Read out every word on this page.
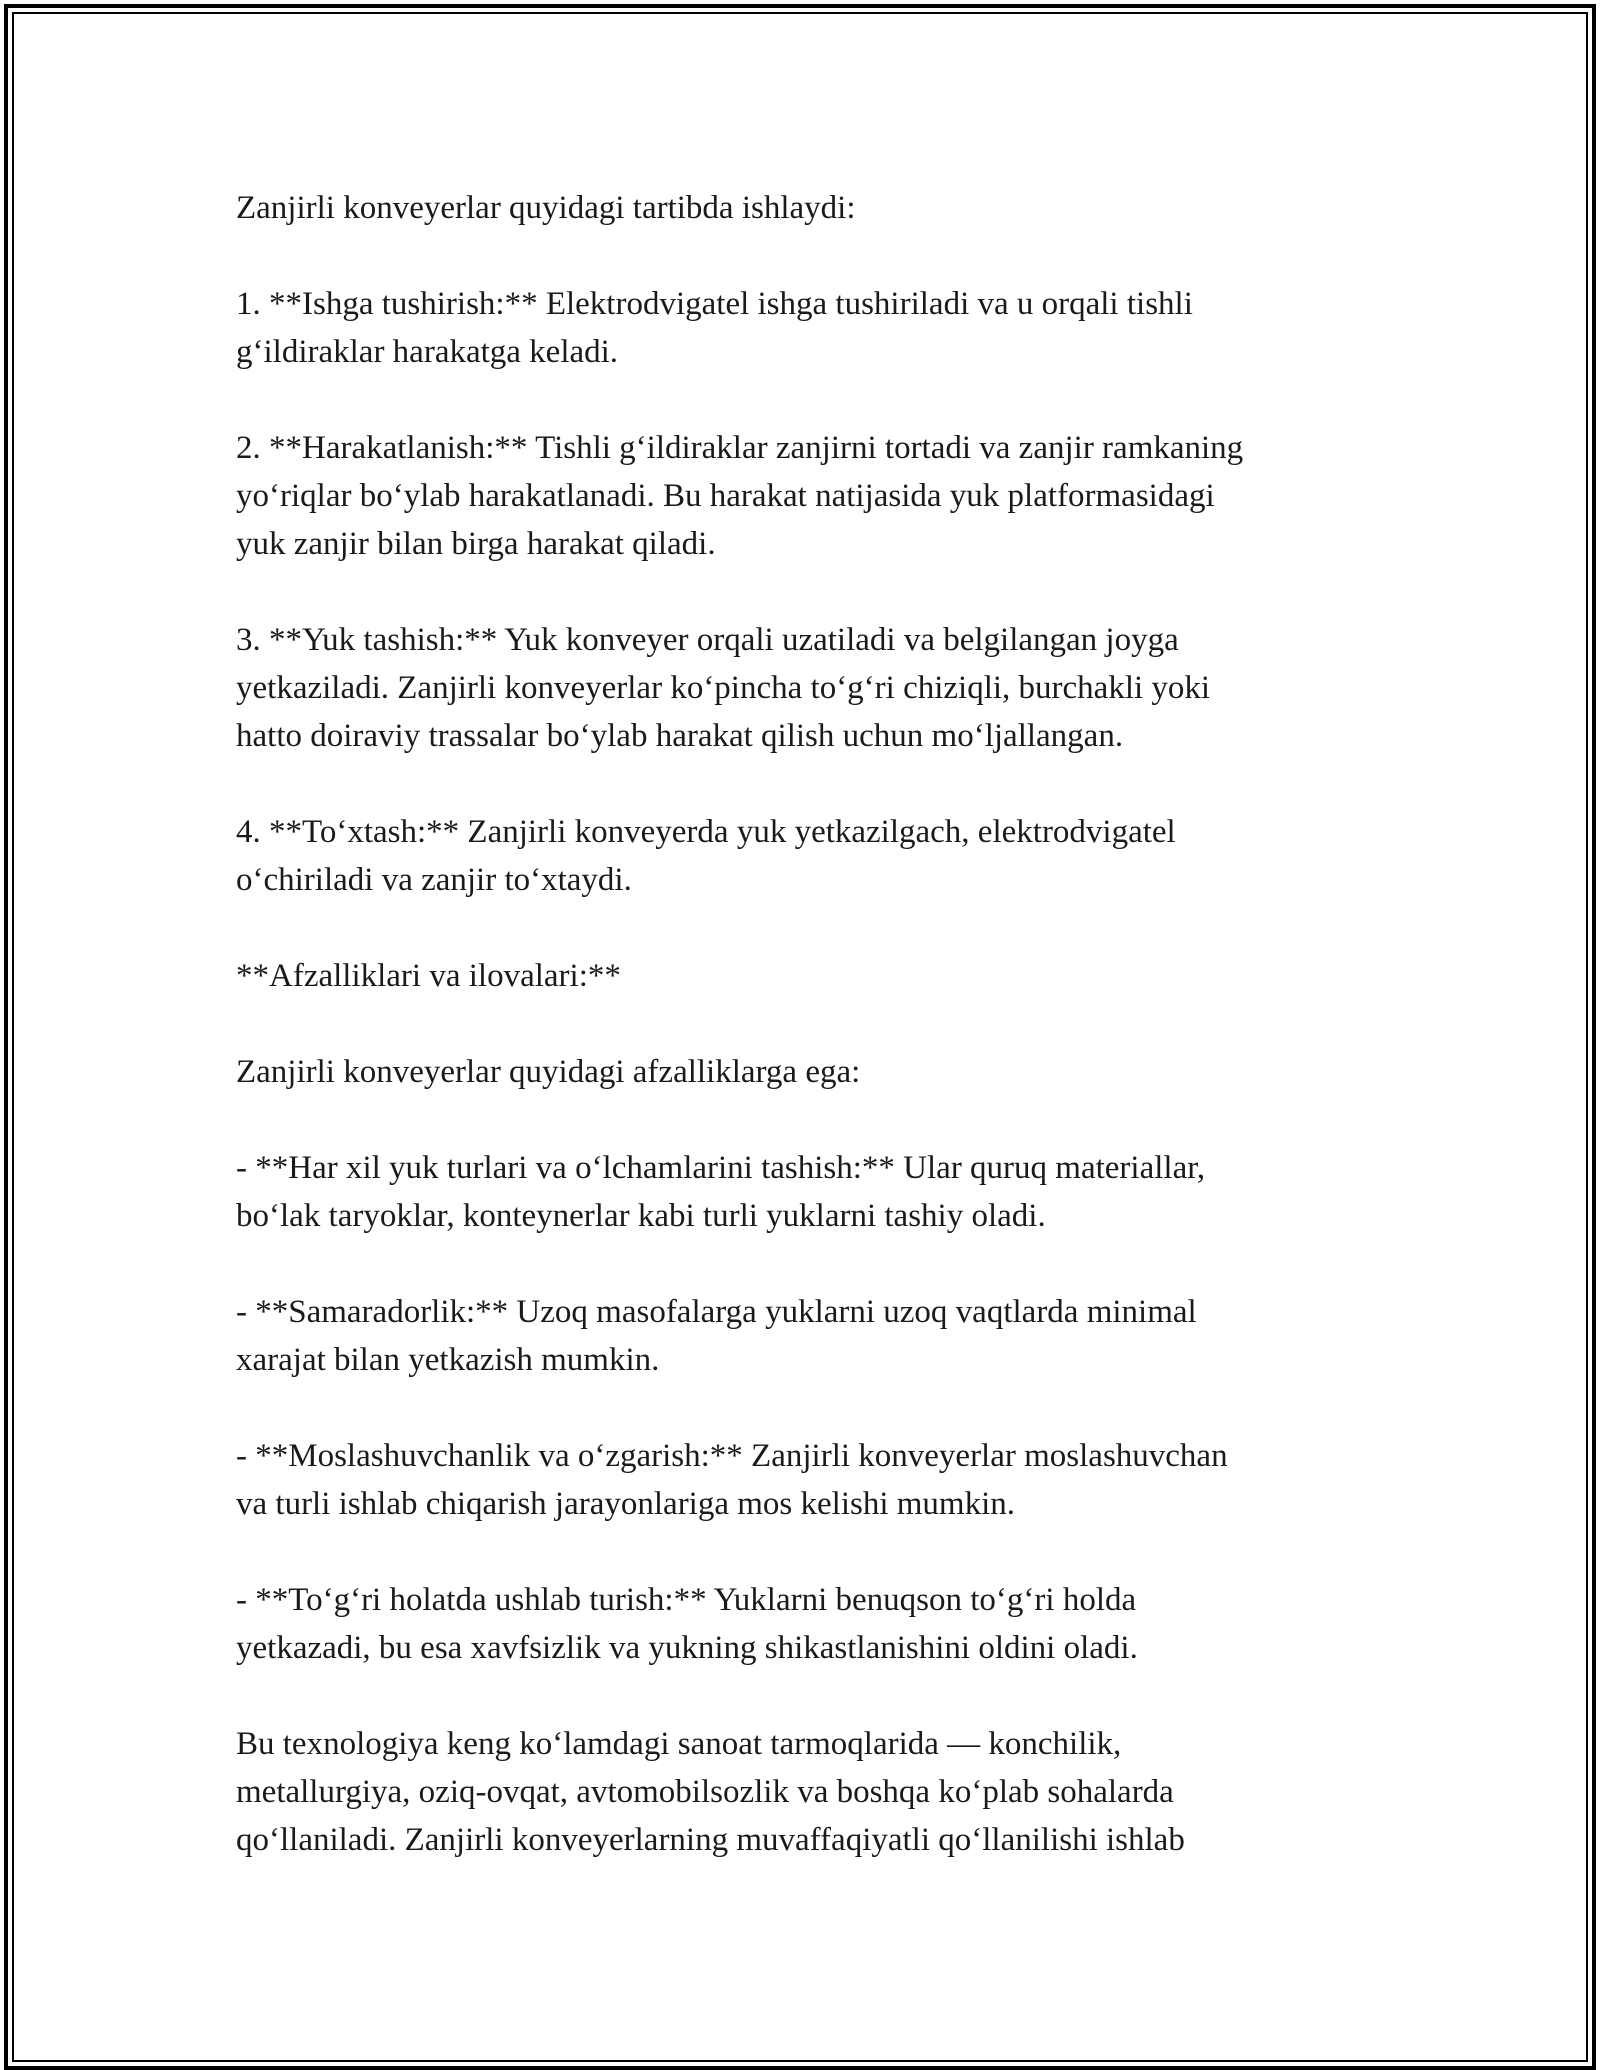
Zanjirli konveyerlar quyidagi tartibda ishlaydi:

1. **Ishga tushirish:** Elektrodvigatel ishga tushiriladi va u orqali tishli
g‘ildiraklar harakatga keladi.

2. **Harakatlanish:** Tishli g‘ildiraklar zanjirni tortadi va zanjir ramkaning
yo‘riqlar bo‘ylab harakatlanadi. Bu harakat natijasida yuk platformasidagi
yuk zanjir bilan birga harakat qiladi.

3. **Yuk tashish:** Yuk konveyer orqali uzatiladi va belgilangan joyga
yetkaziladi. Zanjirli konveyerlar ko‘pincha to‘g‘ri chiziqli, burchakli yoki
hatto doiraviy trassalar bo‘ylab harakat qilish uchun mo‘ljallangan.

4. **To‘xtash:** Zanjirli konveyerda yuk yetkazilgach, elektrodvigatel
o‘chiriladi va zanjir to‘xtaydi.

**Afzalliklari va ilovalari:**

Zanjirli konveyerlar quyidagi afzalliklarga ega:

- **Har xil yuk turlari va o‘lchamlarini tashish:** Ular quruq materiallar,
bo‘lak taryoklar, konteynerlar kabi turli yuklarni tashiy oladi.

- **Samaradorlik:** Uzoq masofalarga yuklarni uzoq vaqtlarda minimal
xarajat bilan yetkazish mumkin.

- **Moslashuvchanlik va o‘zgarish:** Zanjirli konveyerlar moslashuvchan
va turli ishlab chiqarish jarayonlariga mos kelishi mumkin.

- **To‘g‘ri holatda ushlab turish:** Yuklarni benuqson to‘g‘ri holda
yetkazadi, bu esa xavfsizlik va yukning shikastlanishini oldini oladi.

Bu texnologiya keng ko‘lamdagi sanoat tarmoqlarida — konchilik,
metallurgiya, oziq-ovqat, avtomobilsozlik va boshqa ko‘plab sohalarda
qo‘llaniladi. Zanjirli konveyerlarning muvaffaqiyatli qo‘llanilishi ishlab
